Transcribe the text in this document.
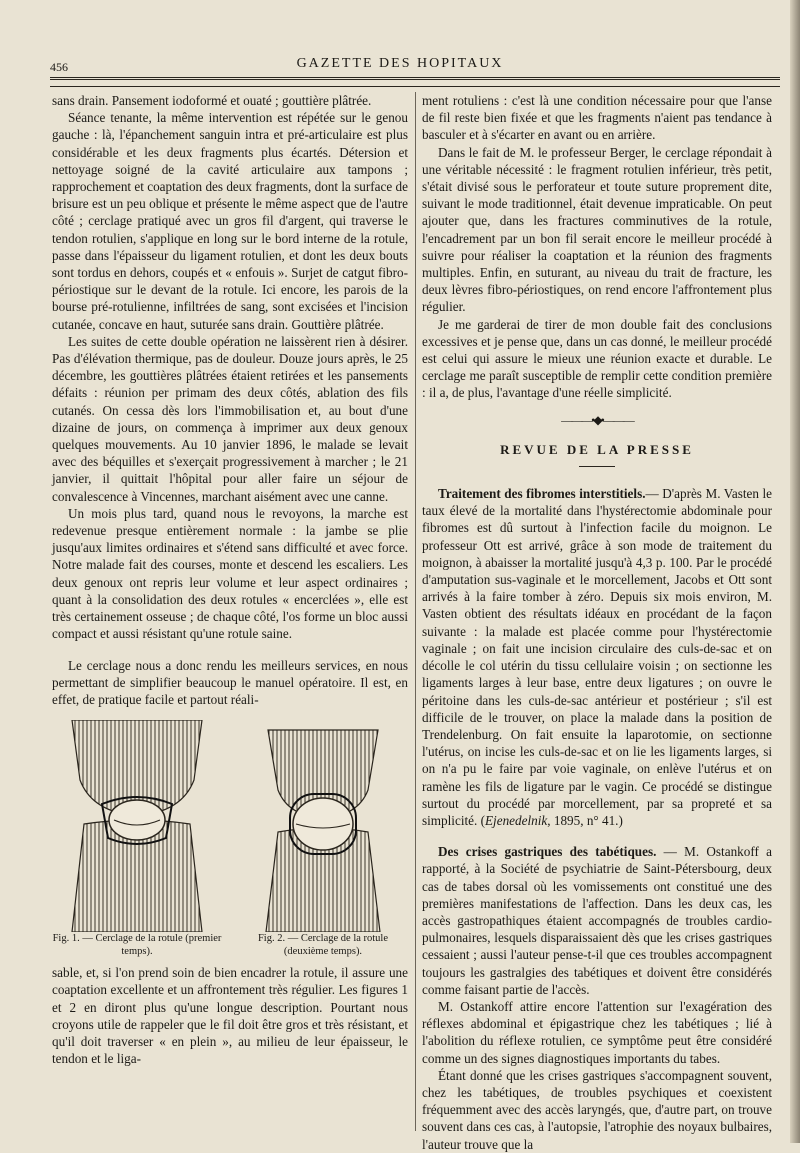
456	GAZETTE DES HOPITAUX

sans drain. Pansement iodoformé et ouaté ; gouttière plâtrée.

Séance tenante, la même intervention est répétée sur le genou gauche : là, l'épanchement sanguin intra et pré-articulaire est plus considérable et les deux fragments plus écartés. Détersion et nettoyage soigné de la cavité articulaire aux tampons ; rapprochement et coaptation des deux fragments, dont la surface de brisure est un peu oblique et présente le même aspect que de l'autre côté ; cerclage pratiqué avec un gros fil d'argent, qui traverse le tendon rotulien, s'applique en long sur le bord interne de la rotule, passe dans l'épaisseur du ligament rotulien, et dont les deux bouts sont tordus en dehors, coupés et « enfouis ». Surjet de catgut fibro-périostique sur le devant de la rotule. Ici encore, les parois de la bourse pré-rotulienne, infiltrées de sang, sont excisées et l'incision cutanée, concave en haut, suturée sans drain. Gouttière plâtrée.

Les suites de cette double opération ne laissèrent rien à désirer. Pas d'élévation thermique, pas de douleur. Douze jours après, le 25 décembre, les gouttières plâtrées étaient retirées et les pansements défaits : réunion per primam des deux côtés, ablation des fils cutanés. On cessa dès lors l'immobilisation et, au bout d'une dizaine de jours, on commença à imprimer aux deux genoux quelques mouvements. Au 10 janvier 1896, le malade se levait avec des béquilles et s'exerçait progressivement à marcher ; le 21 janvier, il quittait l'hôpital pour aller faire un séjour de convalescence à Vincennes, marchant aisément avec une canne.

Un mois plus tard, quand nous le revoyons, la marche est redevenue presque entièrement normale : la jambe se plie jusqu'aux limites ordinaires et s'étend sans difficulté et avec force. Notre malade fait des courses, monte et descend les escaliers. Les deux genoux ont repris leur volume et leur aspect ordinaires ; quant à la consolidation des deux rotules « encerclées », elle est très certainement osseuse ; de chaque côté, l'os forme un bloc aussi compact et aussi résistant qu'une rotule saine.

Le cerclage nous a donc rendu les meilleurs services, en nous permettant de simplifier beaucoup le manuel opératoire. Il est, en effet, de pratique facile et partout réali-

Fig. 1. — Cerclage de la rotule (premier temps).
Fig. 2. — Cerclage de la rotule (deuxième temps).

sable, et, si l'on prend soin de bien encadrer la rotule, il assure une coaptation excellente et un affrontement très régulier. Les figures 1 et 2 en diront plus qu'une longue description. Pourtant nous croyons utile de rappeler que le fil doit être gros et très résistant, et qu'il doit traverser « en plein », au milieu de leur épaisseur, le tendon et le liga-

ment rotuliens : c'est là une condition nécessaire pour que l'anse de fil reste bien fixée et que les fragments n'aient pas tendance à basculer et à s'écarter en avant ou en arrière.

Dans le fait de M. le professeur Berger, le cerclage répondait à une véritable nécessité : le fragment rotulien inférieur, très petit, s'était divisé sous le perforateur et toute suture proprement dite, suivant le mode traditionnel, était devenue impraticable. On peut ajouter que, dans les fractures comminutives de la rotule, l'encadrement par un bon fil serait encore le meilleur procédé à suivre pour réaliser la coaptation et la réunion des fragments multiples. Enfin, en suturant, au niveau du trait de fracture, les deux lèvres fibro-périostiques, on rend encore l'affrontement plus régulier.

Je me garderai de tirer de mon double fait des conclusions excessives et je pense que, dans un cas donné, le meilleur procédé est celui qui assure le mieux une réunion exacte et durable. Le cerclage me paraît susceptible de remplir cette condition première : il a, de plus, l'avantage d'une réelle simplicité.

———•◆•———
REVUE DE LA PRESSE

Traitement des fibromes interstitiels.— D'après M. Vasten le taux élevé de la mortalité dans l'hystérectomie abdominale pour fibromes est dû surtout à l'infection facile du moignon. Le professeur Ott est arrivé, grâce à son mode de traitement du moignon, à abaisser la mortalité jusqu'à 4,3 p. 100. Par le procédé d'amputation sus-vaginale et le morcellement, Jacobs et Ott sont arrivés à la faire tomber à zéro. Depuis six mois environ, M. Vasten obtient des résultats idéaux en procédant de la façon suivante : la malade est placée comme pour l'hystérectomie vaginale ; on fait une incision circulaire des culs-de-sac et on décolle le col utérin du tissu cellulaire voisin ; on sectionne les ligaments larges à leur base, entre deux ligatures ; on ouvre le péritoine dans les culs-de-sac antérieur et postérieur ; s'il est difficile de le trouver, on place la malade dans la position de Trendelenburg. On fait ensuite la laparotomie, on sectionne l'utérus, on incise les culs-de-sac et on lie les ligaments larges, si on n'a pu le faire par voie vaginale, on enlève l'utérus et on ramène les fils de ligature par le vagin. Ce procédé se distingue surtout du procédé par morcellement, par sa propreté et sa simplicité. (Ejenedelnik, 1895, n° 41.)

Des crises gastriques des tabétiques. — M. Ostankoff a rapporté, à la Société de psychiatrie de Saint-Pétersbourg, deux cas de tabes dorsal où les vomissements ont constitué une des premières manifestations de l'affection. Dans les deux cas, les accès gastropathiques étaient accompagnés de troubles cardio-pulmonaires, lesquels disparaissaient dès que les crises gastriques cessaient ; aussi l'auteur pense-t-il que ces troubles accompagnent toujours les gastralgies des tabétiques et doivent être considérés comme faisant partie de l'accès.

M. Ostankoff attire encore l'attention sur l'exagération des réflexes abdominal et épigastrique chez les tabétiques ; lié à l'abolition du réflexe rotulien, ce symptôme peut être considéré comme un des signes diagnostiques importants du tabes.

Étant donné que les crises gastriques s'accompagnent souvent, chez les tabétiques, de troubles psychiques et coexistent fréquemment avec des accès laryngés, que, d'autre part, on trouve souvent dans ces cas, à l'autopsie, l'atrophie des noyaux bulbaires, l'auteur trouve que la
